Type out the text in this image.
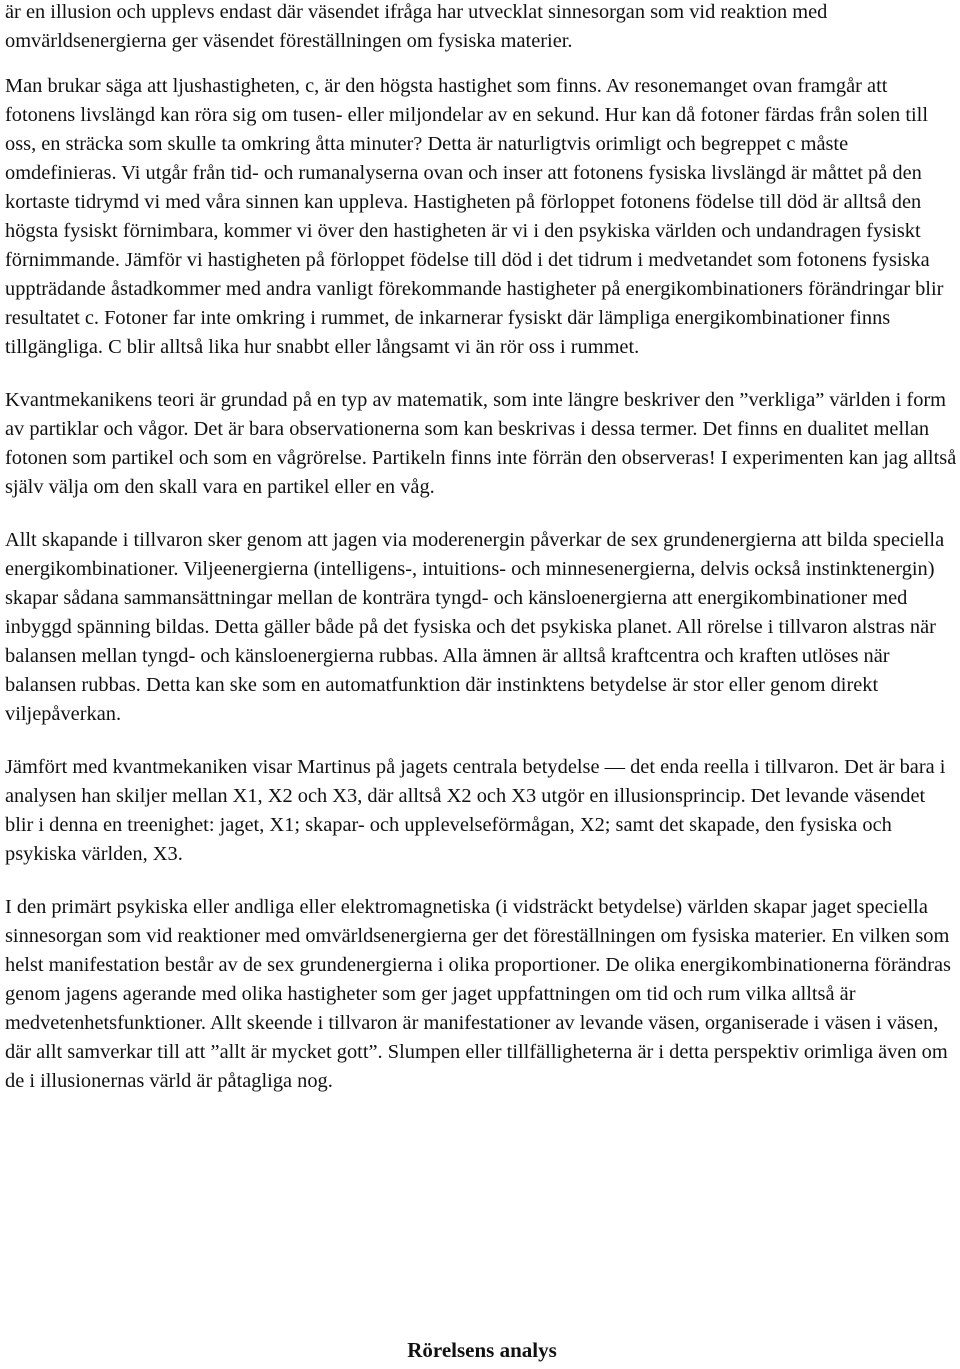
är en illusion och upplevs endast där väsendet ifråga har utvecklat sinnesorgan som vid reaktion med omvärldsenergierna ger väsendet föreställningen om fysiska materier.

Man brukar säga att ljushastigheten, c, är den högsta hastighet som finns. Av resonemanget ovan framgår att fotonens livslängd kan röra sig om tusen- eller miljondelar av en sekund. Hur kan då fotoner färdas från solen till oss, en sträcka som skulle ta omkring åtta minuter? Detta är naturligtvis orimligt och begreppet c måste omdefinieras. Vi utgår från tid- och rumanalyserna ovan och inser att fotonens fysiska livslängd är måttet på den kortaste tidrymd vi med våra sinnen kan uppleva. Hastigheten på förloppet fotonens födelse till död är alltså den högsta fysiskt förnimbara, kommer vi över den hastigheten är vi i den psykiska världen och undandragen fysiskt förnimmande. Jämför vi hastigheten på förloppet födelse till död i det tidrum i medvetandet som fotonens fysiska uppträdande åstadkommer med andra vanligt förekommande hastigheter på energikombinationers förändringar blir resultatet c. Fotoner far inte omkring i rummet, de inkarnerar fysiskt där lämpliga energikombinationer finns tillgängliga. C blir alltså lika hur snabbt eller långsamt vi än rör oss i rummet.

Kvantmekanikens teori är grundad på en typ av matematik, som inte längre beskriver den ”verkliga” världen i form av partiklar och vågor. Det är bara observationerna som kan beskrivas i dessa termer. Det finns en dualitet mellan fotonen som partikel och som en vågrörelse. Partikeln finns inte förrän den observeras! I experimenten kan jag alltså själv välja om den skall vara en partikel eller en våg.

Allt skapande i tillvaron sker genom att jagen via moderenergin påverkar de sex grundenergierna att bilda speciella energikombinationer. Viljeenergierna (intelligens-, intuitions- och minnesenergierna, delvis också instinktenergin) skapar sådana sammansättningar mellan de konträra tyngd- och känsloenergierna att energikombinationer med inbyggd spänning bildas. Detta gäller både på det fysiska och det psykiska planet. All rörelse i tillvaron alstras när balansen mellan tyngd- och känsloenergierna rubbas. Alla ämnen är alltså kraftcentra och kraften utlöses när balansen rubbas. Detta kan ske som en automatfunktion där instinktens betydelse är stor eller genom direkt viljepåverkan.

Jämfört med kvantmekaniken visar Martinus på jagets centrala betydelse — det enda reella i tillvaron. Det är bara i analysen han skiljer mellan X1, X2 och X3, där alltså X2 och X3 utgör en illusionsprincip. Det levande väsendet blir i denna en treenighet: jaget, X1; skapar- och upplevelseförmågan, X2; samt det skapade, den fysiska och psykiska världen, X3.

I den primärt psykiska eller andliga eller elektromagnetiska (i vidsträckt betydelse) världen skapar jaget speciella sinnesorgan som vid reaktioner med omvärldsenergierna ger det föreställningen om fysiska materier. En vilken som helst manifestation består av de sex grundenergierna i olika proportioner. De olika energikombinationerna förändras genom jagens agerande med olika hastigheter som ger jaget uppfattningen om tid och rum vilka alltså är medvetenhetsfunktioner. Allt skeende i tillvaron är manifestationer av levande väsen, organiserade i väsen i väsen, där allt samverkar till att ”allt är mycket gott”. Slumpen eller tillfälligheterna är i detta perspektiv orimliga även om de i illusionernas värld är påtagliga nog.

Rörelsens analys
